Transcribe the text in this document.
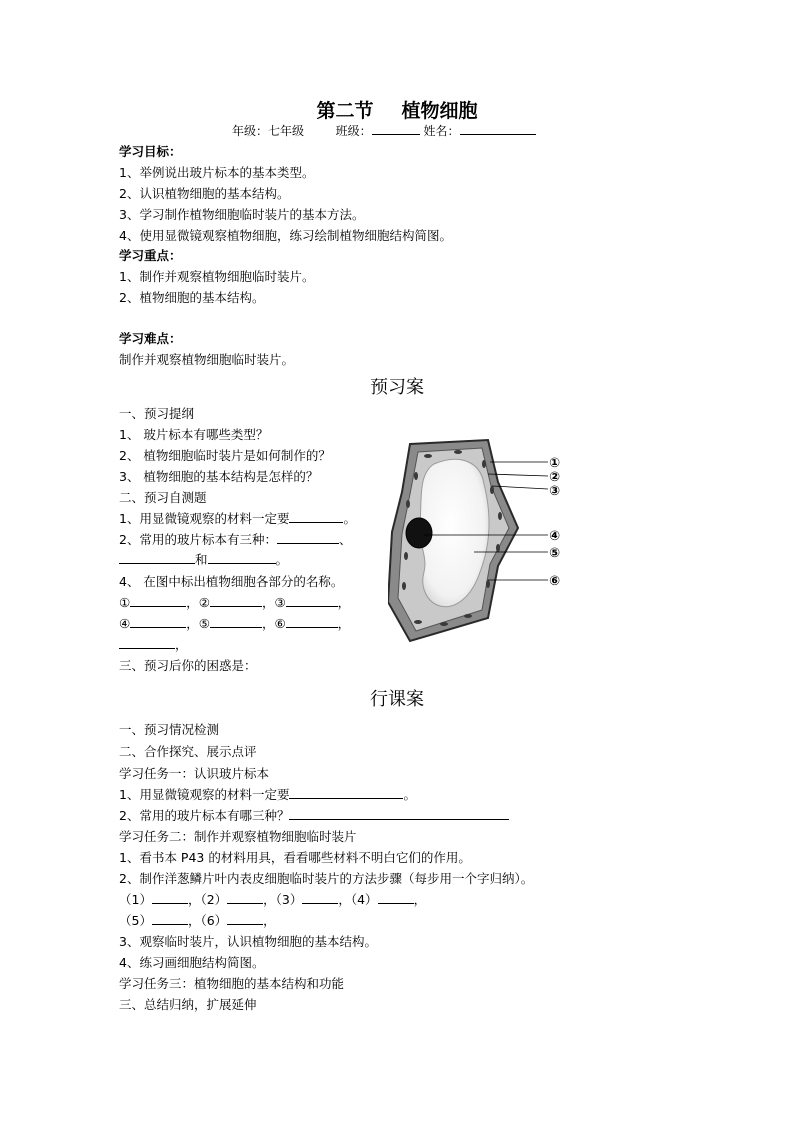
第二节 植物细胞
年级：七年级	班级：	姓名：
学习目标：
1、举例说出玻片标本的基本类型。
2、认识植物细胞的基本结构。
3、学习制作植物细胞临时装片的基本方法。
4、使用显微镜观察植物细胞，练习绘制植物细胞结构简图。
学习重点：
1、制作并观察植物细胞临时装片。
2、植物细胞的基本结构。
学习难点：
制作并观察植物细胞临时装片。
预习案
一、预习提纲
1、 玻片标本有哪些类型？
2、 植物细胞临时装片是如何制作的？
3、 植物细胞的基本结构是怎样的？
二、预习自测题
1、用显微镜观察的材料一定要	。
2、常用的玻片标本有三种：	、
和	。
4、 在图中标出植物细胞各部分的名称。
①	，②	，③	，
④	，⑤	，⑥	，
，
三、预习后你的困惑是：
①
②
③
④
⑤
⑥
行课案
一、预习情况检测
二、合作探究、展示点评
学习任务一：认识玻片标本
1、用显微镜观察的材料一定要	。
2、常用的玻片标本有哪三种？
学习任务二：制作并观察植物细胞临时装片
1、看书本 P43 的材料用具，看看哪些材料不明白它们的作用。
2、制作洋葱鳞片叶内表皮细胞临时装片的方法步骤（每步用一个字归纳）。
（1）	，（2）	，（3）	，（4）	，
（5）	，（6）	，
3、观察临时装片，认识植物细胞的基本结构。
4、练习画细胞结构简图。
学习任务三：植物细胞的基本结构和功能
三、总结归纳，扩展延伸
